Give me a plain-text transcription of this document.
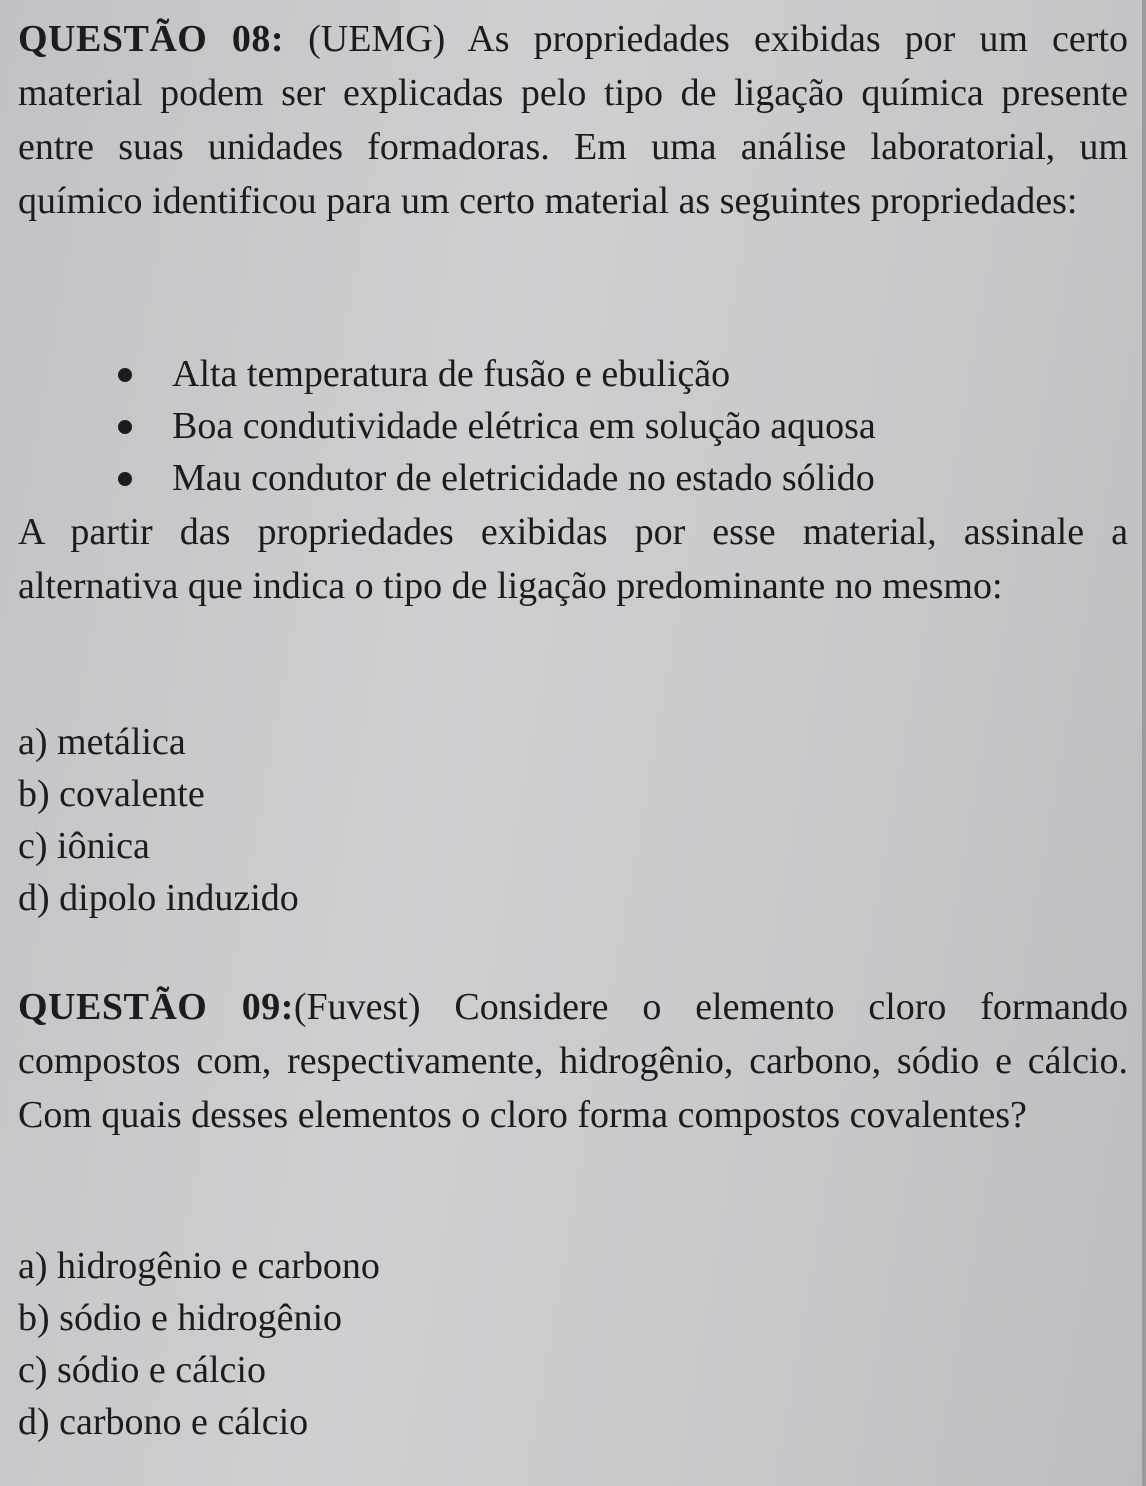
QUESTÃO 08: (UEMG) As propriedades exibidas por um certo material podem ser explicadas pelo tipo de ligação química presente entre suas unidades formadoras. Em uma análise laboratorial, um químico identificou para um certo material as seguintes propriedades:

Alta temperatura de fusão e ebulição
Boa condutividade elétrica em solução aquosa
Mau condutor de eletricidade no estado sólido

A partir das propriedades exibidas por esse material, assinale a alternativa que indica o tipo de ligação predominante no mesmo:

a) metálica
b) covalente
c) iônica
d) dipolo induzido

QUESTÃO 09:(Fuvest) Considere o elemento cloro formando compostos com, respectivamente, hidrogênio, carbono, sódio e cálcio. Com quais desses elementos o cloro forma compostos covalentes?

a) hidrogênio e carbono
b) sódio e hidrogênio
c) sódio e cálcio
d) carbono e cálcio
